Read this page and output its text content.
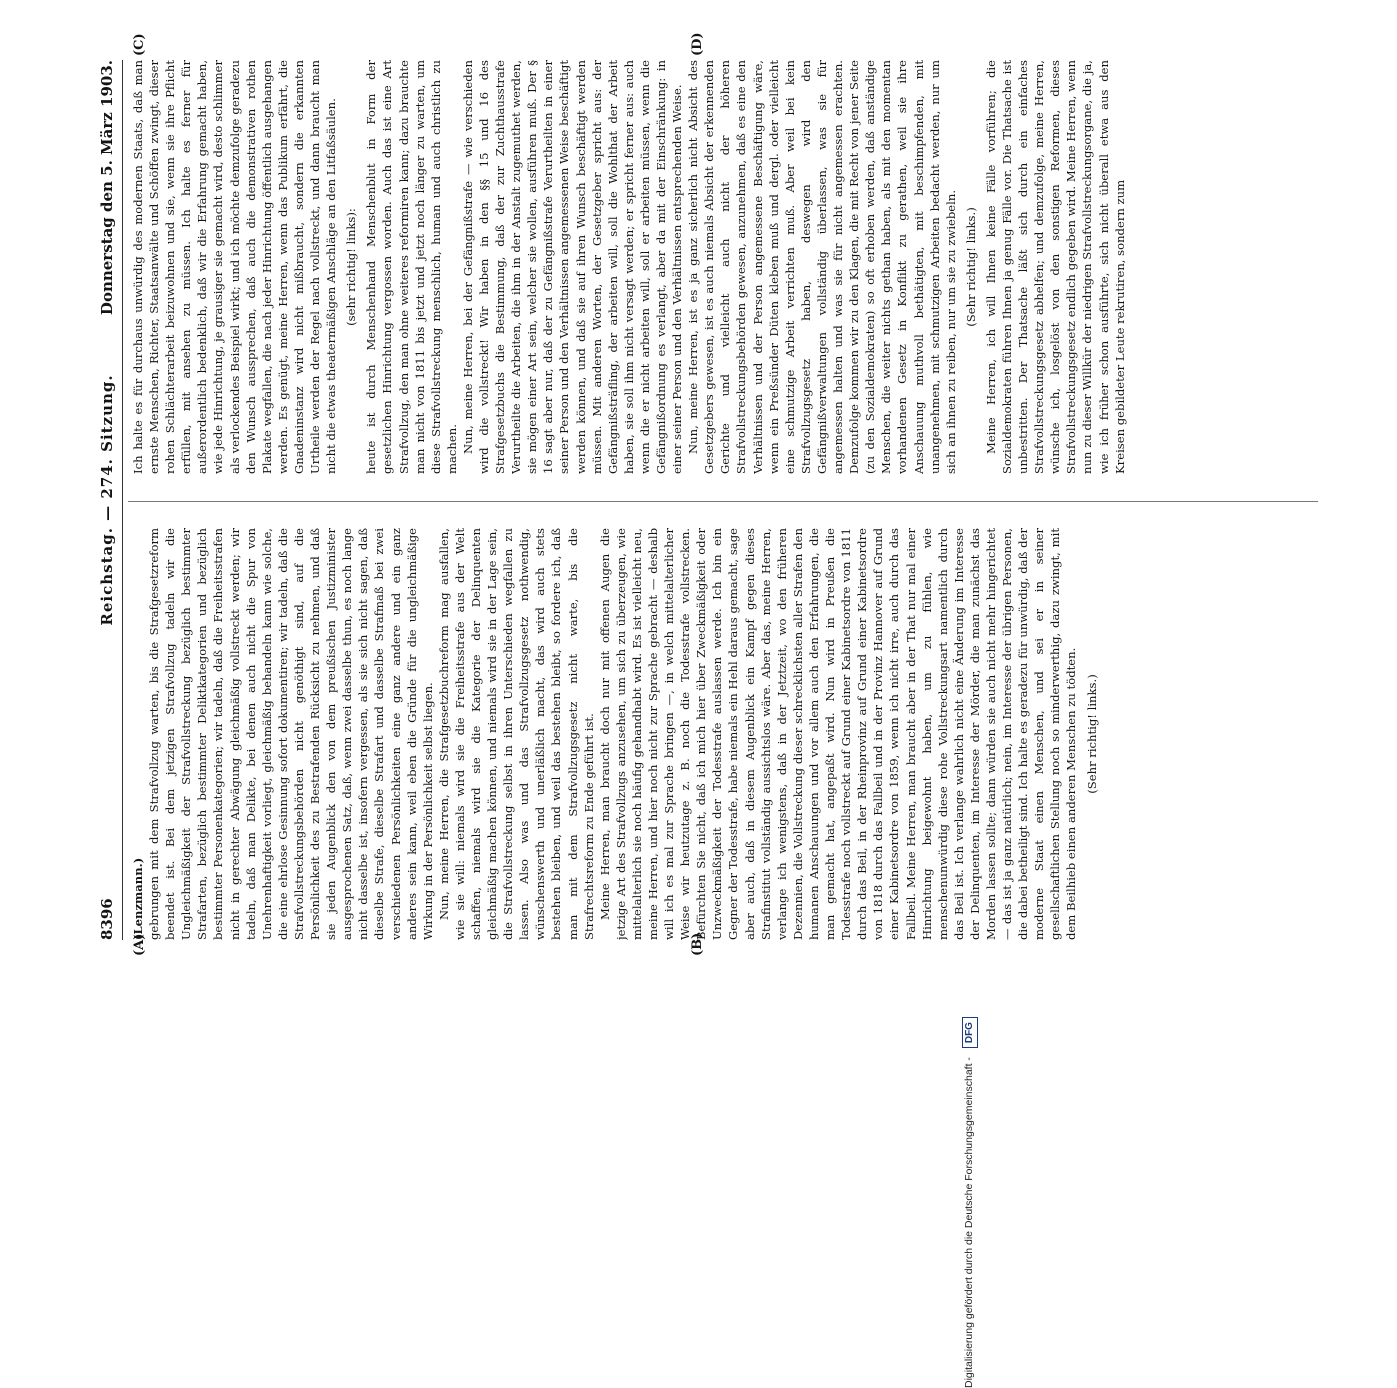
8396
Reichstag. — 274. Sitzung.
Donnerstag den 5. März 1903.
(A)	(B)
(C)	(D)

(Lenzmann.) gebrungen mit dem Strafvollzug warten, bis die Strafgesetzreform beendet ist. Bei dem jetzigen Strafvollzug tadeln wir die Ungleichmäßigkeit der Strafvollstreckung bezüglich bestimmter Strafarten, bezüglich bestimmter Deliktkategorien und bezüglich bestimmter Personenkategorien; wir tadeln, daß die Freiheitsstrafen nicht in gerechter Abwägung gleichmäßig vollstreckt werden; wir tadeln, daß man Delikte, bei denen auch nicht die Spur von Unehrenhaftigkeit vorliegt, gleichmäßig behandeln kann wie solche, die eine ehrlose Gesinnung sofort dokumentiren; wir tadeln, daß die Strafvollstreckungsbehörden nicht genöthigt sind, auf die Persönlichkeit des zu Bestrafenden Rücksicht zu nehmen, und daß sie jeden Augenblick den von dem preußischen Justizminister ausgesprochenen Satz, daß, wenn zwei dasselbe thun, es noch lange nicht dasselbe ist, insofern vergessen, als sie sich nicht sagen, daß dieselbe Strafe, dieselbe Strafart und dasselbe Strafmaß bei zwei verschiedenen Persönlichkeiten eine ganz andere und ein ganz anderes sein kann, weil eben die Gründe für die ungleichmäßige Wirkung in der Persönlichkeit selbst liegen. Nun, meine Herren, die Strafgesetzbuchreform mag ausfallen, wie sie will: niemals wird sie die Freiheitsstrafe aus der Welt schaffen, niemals wird sie die Kategorie der Delinquenten gleichmäßig machen können, und niemals wird sie in der Lage sein, die Strafvollstreckung selbst in ihren Unterschieden wegfallen zu lassen. Also was und das Strafvollzugsgesetz nothwendig, wünschenswerth und unerläßlich macht, das wird auch stets bestehen bleiben, und weil das bestehen bleibt, so fordere ich, daß man mit dem Strafvollzugsgesetz nicht warte, bis die Strafrechtsreform zu Ende geführt ist. Meine Herren, man braucht doch nur mit offenen Augen die jetzige Art des Strafvollzugs anzusehen, um sich zu überzeugen, wie mittelalterlich sie noch häufig gehandhabt wird. Es ist vielleicht neu, meine Herren, und hier noch nicht zur Sprache gebracht — deshalb will ich es mal zur Sprache bringen —, in welch mittelalterlicher Weise wir heutzutage z. B. noch die Todesstrafe vollstrecken. Befürchten Sie nicht, daß ich mich hier über Zweckmäßigkeit oder Unzweckmäßigkeit der Todesstrafe auslassen werde. Ich bin ein Gegner der Todesstrafe, habe niemals ein Hehl daraus gemacht, sage aber auch, daß in diesem Augenblick ein Kampf gegen dieses Strafinstitut vollständig aussichtslos wäre. Aber das, meine Herren, verlange ich wenigstens, daß in der Jetztzeit, wo den früheren Dezennien, die Vollstreckung dieser schrecklichsten aller Strafen den humanen Anschauungen und vor allem auch den Erfahrungen, die man gemacht hat, angepaßt wird. Nun wird in Preußen die Todesstrafe noch vollstreckt auf Grund einer Kabinetsordre von 1811 durch das Beil, in der Rheinprovinz auf Grund einer Kabinetsordre von 1818 durch das Fallbeil und in der Provinz Hannover auf Grund einer Kabinetsordre von 1859, wenn ich nicht irre, auch durch das Fallbeil. Meine Herren, man braucht aber in der That nur mal einer Hinrichtung beigewohnt haben, um zu fühlen, wie menschenunwürdig diese rohe Vollstreckungsart namentlich durch das Beil ist. Ich verlange wahrlich nicht eine Änderung im Interesse der Delinquenten, im Interesse der Mörder, die man zunächst das Morden lassen sollte; dann würden sie auch nicht mehr hingerichtet — das ist ja ganz natürlich; nein, im Interesse der übrigen Personen, die dabei betheiligt sind. Ich halte es geradezu für unwürdig, daß der moderne Staat einen Menschen, und sei er in seiner gesellschaftlichen Stellung noch so minderwerthig, dazu zwingt, mit dem Beilhieb einen anderen Menschen zu tödten. (Sehr richtig! links.)

Ich halte es für durchaus unwürdig des modernen Staats, daß man ernste Menschen, Richter, Staatsanwälte und Schöffen zwingt, dieser rohen Schlächterarbeit beizuwohnen und sie, wenn sie ihre Pflicht erfüllen, mit ansehen zu müssen. Ich halte es ferner für außerordentlich bedenklich, daß wir die Erfahrung gemacht haben, wie jede Hinrichtung, je grausiger sie gemacht wird, desto schlimmer als verlockendes Beispiel wirkt; und ich möchte demzufolge geradezu den Wunsch aussprechen, daß auch die demonstrativen rothen Plakate wegfallen, die nach jeder Hinrichtung öffentlich ausgehangen werden. Es genügt, meine Herren, wenn das Publikum erfährt, die Gnadeninstanz wird nicht mißbraucht, sondern die erkannten Urtheile werden der Regel nach vollstreckt, und dann braucht man nicht die etwas theatermäßigen Anschläge an den Litfaßsäulen. (sehr richtig! links): heute ist durch Menschenhand Menschenblut in Form der gesetzlichen Hinrichtung vergossen worden. Auch das ist eine Art Strafvollzug, den man ohne weiteres reformiren kann; dazu brauchte man nicht von 1811 bis jetzt und jetzt noch länger zu warten, um diese Strafvollstreckung menschlich, human und auch christlich zu machen. Nun, meine Herren, bei der Gefängnißstrafe — wie verschieden wird die vollstreckt! Wir haben in den §§ 15 und 16 des Strafgesetzbuchs die Bestimmung, daß der zur Zuchthausstrafe Verurtheilte die Arbeiten, die ihm in der Anstalt zugemuthet werden, sie mögen einer Art sein, welcher sie wollen, ausführen muß. Der § 16 sagt aber nur, daß der zu Gefängnißstrafe Verurtheilten in einer seiner Person und den Verhältnissen angemessenen Weise beschäftigt werden können, und daß sie auf ihren Wunsch beschäftigt werden müssen. Mit anderen Worten, der Gesetzgeber spricht aus: der Gefängnißsträfling, der arbeiten will, soll die Wohlthat der Arbeit haben, sie soll ihm nicht versagt werden; er spricht ferner aus: auch wenn die er nicht arbeiten will, soll er arbeiten müssen, wenn die Gefängnißordnung es verlangt, aber da mit der Einschränkung: in einer seiner Person und den Verhältnissen entsprechenden Weise. Nun, meine Herren, ist es ja ganz sicherlich nicht Absicht des Gesetzgebers gewesen, ist es auch niemals Absicht der erkennenden Gerichte und vielleicht auch nicht der höheren Strafvollstreckungsbehörden gewesen, anzunehmen, daß es eine den Verhältnissen und der Person angemessene Beschäftigung wäre, wenn ein Preßsünder Düten kleben muß und dergl. oder vielleicht eine schmutzige Arbeit verrichten muß. Aber weil bei kein Strafvollzugsgesetz haben, deswegen wird den Gefängnißverwaltungen vollständig überlassen, was sie für angemessen halten und was sie für nicht angemessen erachten. Demzufolge kommen wir zu den Klagen, die mit Recht von jener Seite (zu den Sozialdemokraten) so oft erhoben werden, daß anständige Menschen, die weiter nichts gethan haben, als mit den momentan vorhandenen Gesetz in Konflikt zu gerathen, weil sie ihre Anschauung muthvoll bethätigten, mit beschimpfenden, mit unangenehmen, mit schmutzigen Arbeiten bedacht werden, nur um sich an ihnen zu reiben, nur um sie zu zwiebeln. (Sehr richtig! links.) Meine Herren, ich will Ihnen keine Fälle vorführen; die Sozialdemokraten führen Ihnen ja genug Fälle vor. Die Thatsache ist unbestritten. Der Thatsache läßt sich durch ein einfaches Strafvollstreckungsgesetz abhelfen; und demzufolge, meine Herren, wünsche ich, losgelöst von den sonstigen Reformen, dieses Strafvollstreckungsgesetz endlich gegeben wird. Meine Herren, wenn nun zu dieser Willkür der niedrigen Strafvollstreckungsorgane, die ja, wie ich früher schon ausführte, sich nicht überall etwa aus den Kreisen gebildeter Leute rekrutiren, sondern zum

Digitalisierung gefördert durch die Deutsche Forschungsgemeinschaft - DFG
